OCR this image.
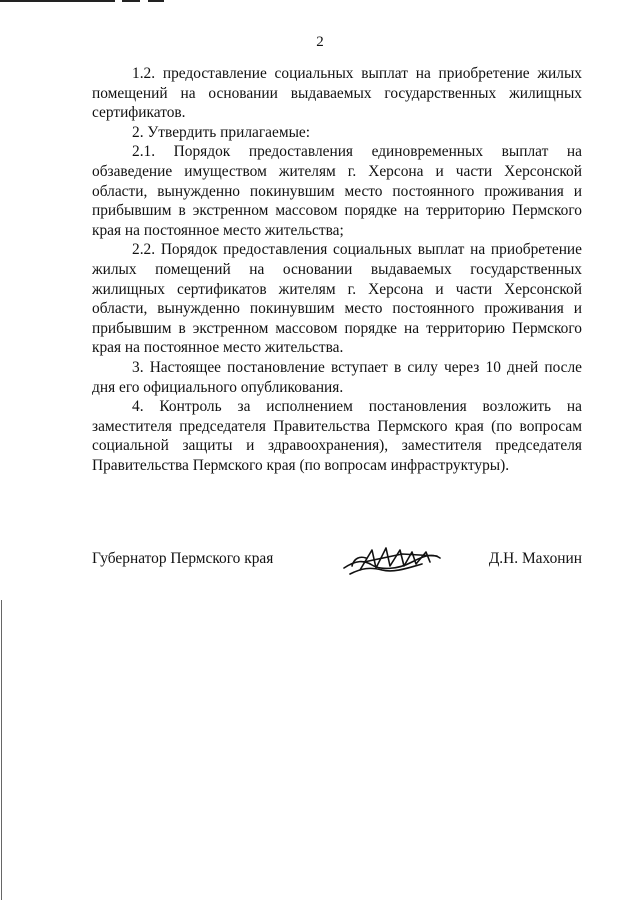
2

1.2. предоставление социальных выплат на приобретение жилых помещений на основании выдаваемых государственных жилищных сертификатов.

2. Утвердить прилагаемые:

2.1. Порядок предоставления единовременных выплат на обзаведение имуществом жителям г. Херсона и части Херсонской области, вынужденно покинувшим место постоянного проживания и прибывшим в экстренном массовом порядке на территорию Пермского края на постоянное место жительства;

2.2. Порядок предоставления социальных выплат на приобретение жилых помещений на основании выдаваемых государственных жилищных сертификатов жителям г. Херсона и части Херсонской области, вынужденно покинувшим место постоянного проживания и прибывшим в экстренном массовом порядке на территорию Пермского края на постоянное место жительства.

3. Настоящее постановление вступает в силу через 10 дней после дня его официального опубликования.

4. Контроль за исполнением постановления возложить на заместителя председателя Правительства Пермского края (по вопросам социальной защиты и здравоохранения), заместителя председателя Правительства Пермского края (по вопросам инфраструктуры).

Губернатор Пермского края	Д.Н. Махонин
